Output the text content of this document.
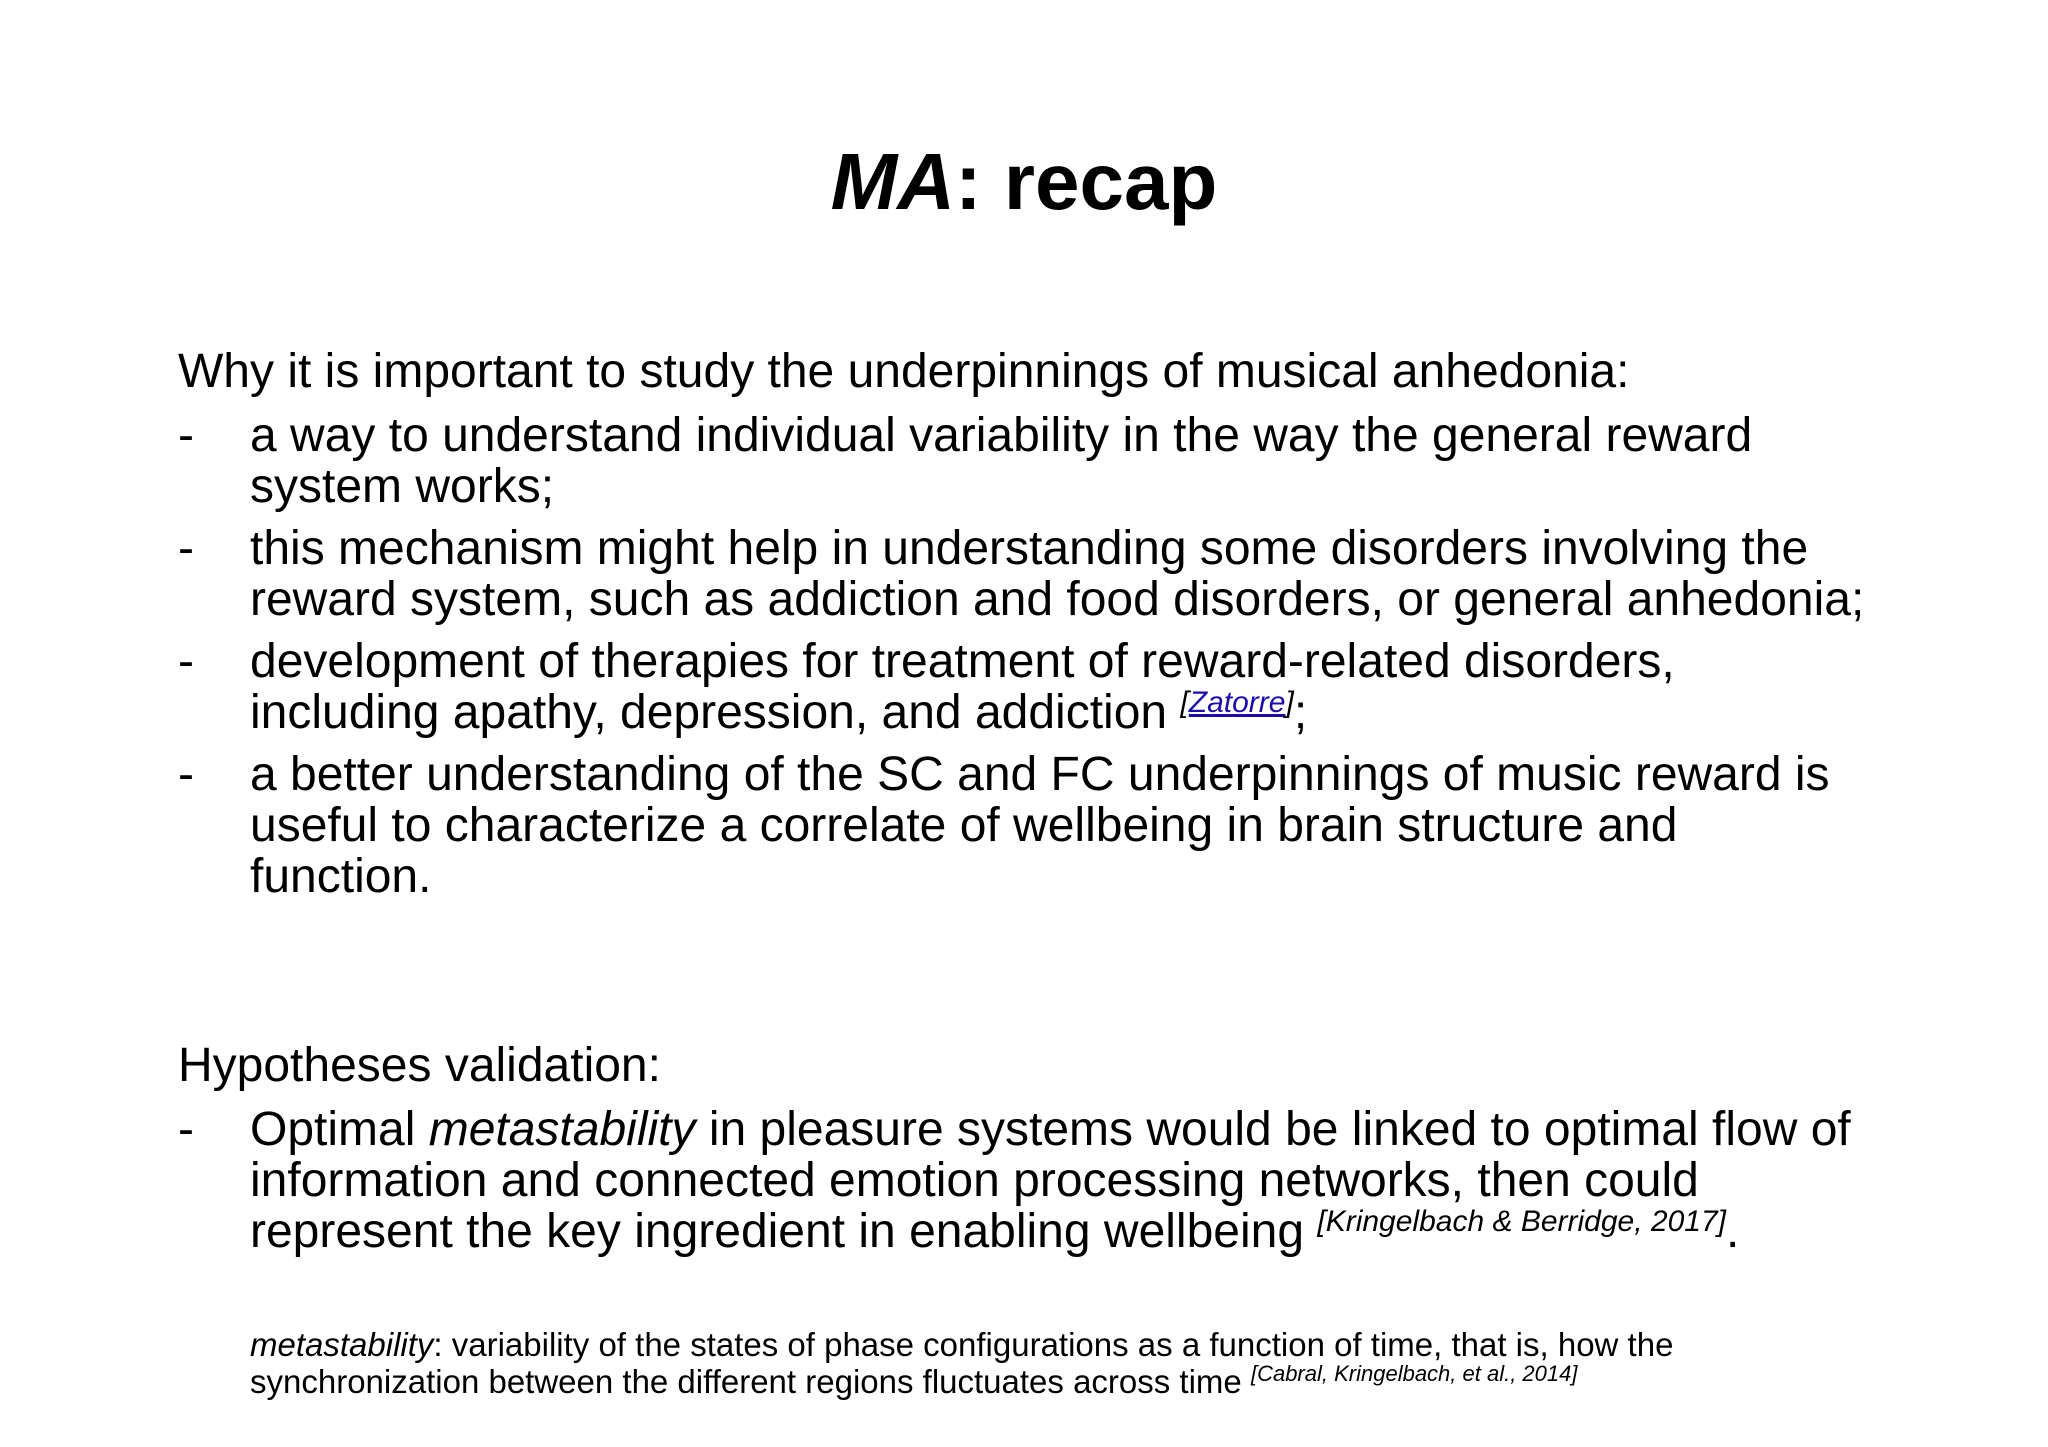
MA: recap
Why it is important to study the underpinnings of musical anhedonia:
-	a way to understand individual variability in the way the general reward
system works;
-	this mechanism might help in understanding some disorders involving the
reward system, such as addiction and food disorders, or general anhedonia;
-	development of therapies for treatment of reward-related disorders,
including apathy, depression, and addiction [Zatorre];
-	a better understanding of the SC and FC underpinnings of music reward is
useful to characterize a correlate of wellbeing in brain structure and
function.
Hypotheses validation:
-	Optimal metastability in pleasure systems would be linked to optimal flow of
information and connected emotion processing networks, then could
represent the key ingredient in enabling wellbeing [Kringelbach & Berridge, 2017].
metastability: variability of the states of phase configurations as a function of time, that is, how the
synchronization between the different regions fluctuates across time [Cabral, Kringelbach, et al., 2014]
